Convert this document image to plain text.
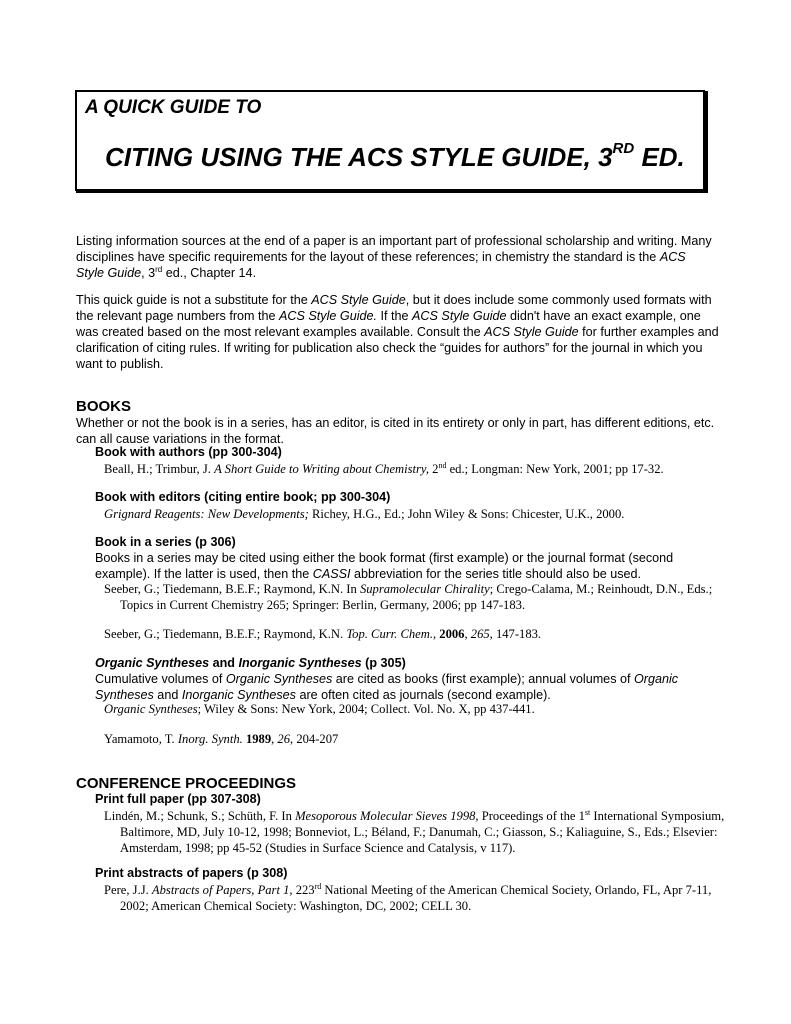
A QUICK GUIDE TO
CITING USING THE ACS STYLE GUIDE, 3RD ED.

Listing information sources at the end of a paper is an important part of professional scholarship and writing. Many disciplines have specific requirements for the layout of these references; in chemistry the standard is the ACS Style Guide, 3rd ed., Chapter 14.

This quick guide is not a substitute for the ACS Style Guide, but it does include some commonly used formats with the relevant page numbers from the ACS Style Guide. If the ACS Style Guide didn't have an exact example, one was created based on the most relevant examples available. Consult the ACS Style Guide for further examples and clarification of citing rules. If writing for publication also check the “guides for authors” for the journal in which you want to publish.

BOOKS

Whether or not the book is in a series, has an editor, is cited in its entirety or only in part, has different editions, etc. can all cause variations in the format.

Book with authors (pp 300-304)

Beall, H.; Trimbur, J. A Short Guide to Writing about Chemistry, 2nd ed.; Longman: New York, 2001; pp 17-32.

Book with editors (citing entire book; pp 300-304)

Grignard Reagents: New Developments; Richey, H.G., Ed.; John Wiley & Sons: Chicester, U.K., 2000.

Book in a series (p 306)

Books in a series may be cited using either the book format (first example) or the journal format (second example). If the latter is used, then the CASSI abbreviation for the series title should also be used.

Seeber, G.; Tiedemann, B.E.F.; Raymond, K.N. In Supramolecular Chirality; Crego-Calama, M.; Reinhoudt, D.N., Eds.; Topics in Current Chemistry 265; Springer: Berlin, Germany, 2006; pp 147-183.

Seeber, G.; Tiedemann, B.E.F.; Raymond, K.N. Top. Curr. Chem., 2006, 265, 147-183.

Organic Syntheses and Inorganic Syntheses (p 305)

Cumulative volumes of Organic Syntheses are cited as books (first example); annual volumes of Organic Syntheses and Inorganic Syntheses are often cited as journals (second example).

Organic Syntheses; Wiley & Sons: New York, 2004; Collect. Vol. No. X, pp 437-441.

Yamamoto, T. Inorg. Synth. 1989, 26, 204-207

CONFERENCE PROCEEDINGS
Print full paper (pp 307-308)

Lindén, M.; Schunk, S.; Schüth, F. In Mesoporous Molecular Sieves 1998, Proceedings of the 1st International Symposium, Baltimore, MD, July 10-12, 1998; Bonneviot, L.; Béland, F.; Danumah, C.; Giasson, S.; Kaliaguine, S., Eds.; Elsevier: Amsterdam, 1998; pp 45-52 (Studies in Surface Science and Catalysis, v 117).

Print abstracts of papers (p 308)

Pere, J.J. Abstracts of Papers, Part 1, 223rd National Meeting of the American Chemical Society, Orlando, FL, Apr 7-11, 2002; American Chemical Society: Washington, DC, 2002; CELL 30.
